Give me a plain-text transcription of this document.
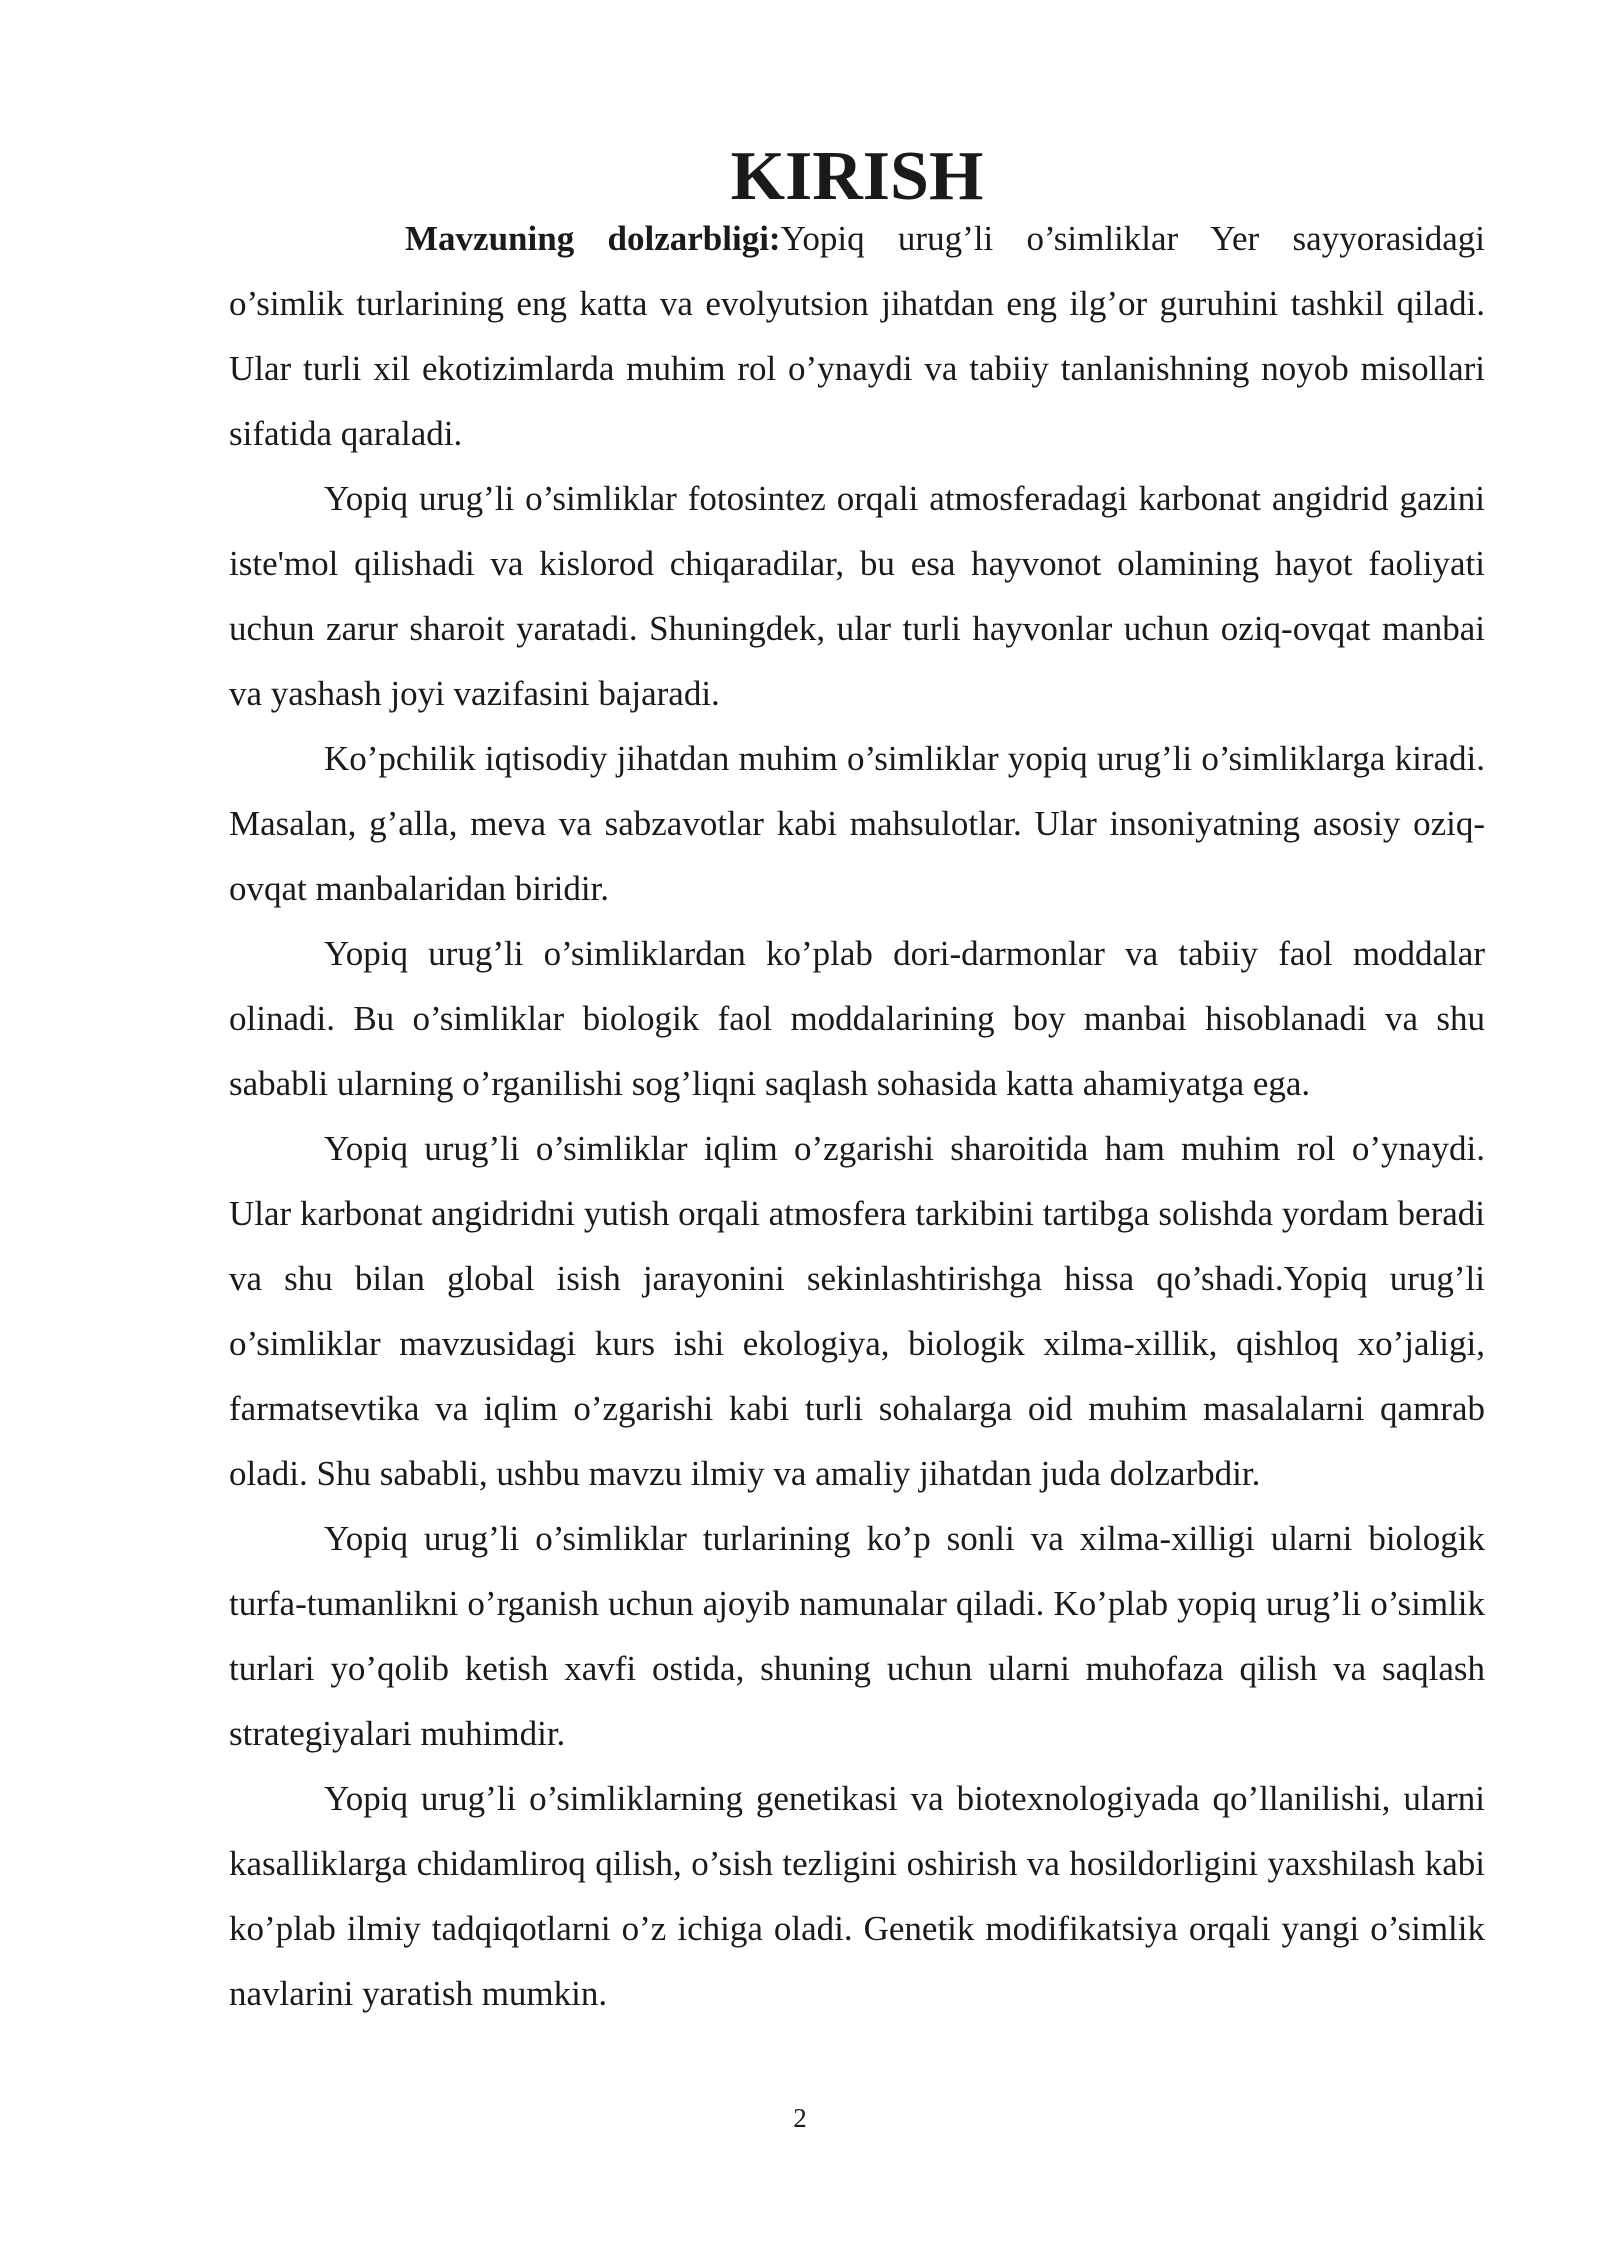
KIRISH

Mavzuning dolzarbligi:Yopiq urug’li o’simliklar Yer sayyorasidagi o’simlik turlarining eng katta va evolyutsion jihatdan eng ilg’or guruhini tashkil qiladi. Ular turli xil ekotizimlarda muhim rol o’ynaydi va tabiiy tanlanishning noyob misollari sifatida qaraladi.

Yopiq urug’li o’simliklar fotosintez orqali atmosferadagi karbonat angidrid gazini iste'mol qilishadi va kislorod chiqaradilar, bu esa hayvonot olamining hayot faoliyati uchun zarur sharoit yaratadi. Shuningdek, ular turli hayvonlar uchun oziq-ovqat manbai va yashash joyi vazifasini bajaradi.

Ko’pchilik iqtisodiy jihatdan muhim o’simliklar yopiq urug’li o’simliklarga kiradi. Masalan, g’alla, meva va sabzavotlar kabi mahsulotlar. Ular insoniyatning asosiy oziq-ovqat manbalaridan biridir.

Yopiq urug’li o’simliklardan ko’plab dori-darmonlar va tabiiy faol moddalar olinadi. Bu o’simliklar biologik faol moddalarining boy manbai hisoblanadi va shu sababli ularning o’rganilishi sog’liqni saqlash sohasida katta ahamiyatga ega.

Yopiq urug’li o’simliklar iqlim o’zgarishi sharoitida ham muhim rol o’ynaydi. Ular karbonat angidridni yutish orqali atmosfera tarkibini tartibga solishda yordam beradi va shu bilan global isish jarayonini sekinlashtirishga hissa qo’shadi.Yopiq urug’li o’simliklar mavzusidagi kurs ishi ekologiya, biologik xilma-xillik, qishloq xo’jaligi, farmatsevtika va iqlim o’zgarishi kabi turli sohalarga oid muhim masalalarni qamrab oladi. Shu sababli, ushbu mavzu ilmiy va amaliy jihatdan juda dolzarbdir.

Yopiq urug’li o’simliklar turlarining ko’p sonli va xilma-xilligi ularni biologik turfa-tumanlikni o’rganish uchun ajoyib namunalar qiladi. Ko’plab yopiq urug’li o’simlik turlari yo’qolib ketish xavfi ostida, shuning uchun ularni muhofaza qilish va saqlash strategiyalari muhimdir.

Yopiq urug’li o’simliklarning genetikasi va biotexnologiyada qo’llanilishi, ularni kasalliklarga chidamliroq qilish, o’sish tezligini oshirish va hosildorligini yaxshilash kabi ko’plab ilmiy tadqiqotlarni o’z ichiga oladi. Genetik modifikatsiya orqali yangi o’simlik navlarini yaratish mumkin.

2
